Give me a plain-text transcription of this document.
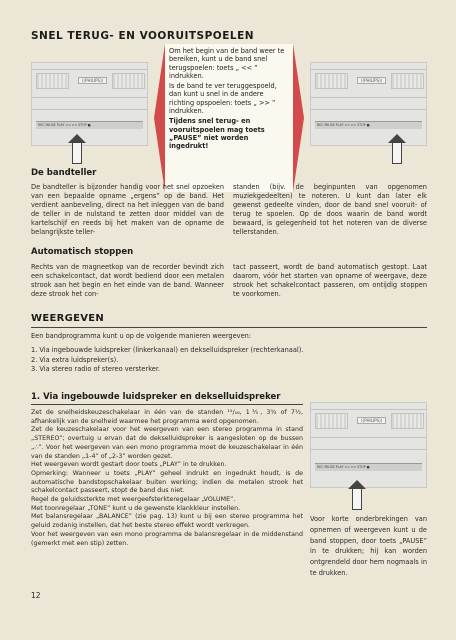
SNEL TERUG- EN VOORUITSPOELEN
((PHILIPS))
REC PAUSE PLAY << >> STOP ■

Om het begin van de band weer te bereiken, kunt u de band snel terugspoelen: toets „ << ” indrukken.

Is de band te ver teruggespoeld, dan kunt u snel in de andere richting opspoelen: toets „ >> ” indrukken.

Tijdens snel terug- en vooruitspoelen mag toets „PAUSE” niet worden ingedrukt!

((PHILIPS))
REC PAUSE PLAY << >> STOP ■
De bandteller
De bandteller is bijzonder handig voor het snel opzoeken van een bepaalde opname „ergens” op de band. Het verdient aanbeveling, direct na het inleggen van de band de teller in de nulstand te zetten door middel van de kartelschijf en reeds bij het maken van de opname de belangrijkste teller-
standen (bijv. de beginpunten van opgenomen muziekgedeelten) te noteren. U kunt dan later elk gewenst gedeelte vinden, door de band snel vooruit- of terug te spoelen. Op de doos waarin de band wordt bewaard, is gelegenheid tot het noteren van de diverse tellerstanden.
Automatisch stoppen
Rechts van de magneetkop van de recorder bevindt zich een schakelcontact, dat wordt bediend door een metalen strook aan het begin en het einde van de band. Wanneer deze strook het con-
tact passeert, wordt de band automatisch gestopt. Laat daarom, vóór het starten van opname of weergave, deze strook het schakelcontact passeren, om ontijdig stoppen te voorkomen.
WEERGEVEN
Een bandprogramma kunt u op de volgende manieren weergeven:
1. Via ingebouwde luidspreker (linkerkanaal) en dekselluidspreker (rechterkanaal).
2. Via extra luidspreker(s).
3. Via stereo radio of stereo versterker.
1. Via ingebouwde luidspreker en dekselluidspreker
Zet de snelheidskeuzeschakelaar in één van de standen ¹⁵/₁₆, 1⅗, 3¾ of 7½, afhankelijk van de snelheid waarmee het programma werd opgenomen.
Zet de keuzeschakelaar voor het weergeven van een stereo programma in stand „STEREO”; overtuig u ervan dat de dekselluidspreker is aangesloten op de bussen „∴”. Voor het weergeven van een mono programma moet de keuzeschakelaar in één van de standen „1-4” of „2-3” worden gezet.
Het weergeven wordt gestart door toets „PLAY” in te drukken.
Opmerking: Wanneer u toets „PLAY” geheel indrukt en ingedrukt houdt, is de automatische bandstopschakelaar buiten werking; indien de metalen strook het schakelcontact passeert, stopt de band dus niet.
Regel de geluidssterkte met weergeefsterkteregelaar „VOLUME”.
Met toonregelaar „TONE” kunt u de gewenste klankkleur instellen.
Met balansregelaar „BALANCE” (zie pag. 13) kunt u bij een stereo programma het geluid zodanig instellen, dat het beste stereo effekt wordt verkregen.
Voor het weergeven van een mono programma de balansregelaar in de middenstand (gemerkt met een stip) zetten.
((PHILIPS))
REC PAUSE PLAY << >> STOP ■
Voor korte onderbrekingen van opnemen of weergeven kunt u de band stoppen, door toets „PAUSE” in te drukken; hij kan worden ontgrendeld door hem nogmaals in te drukken.
12
